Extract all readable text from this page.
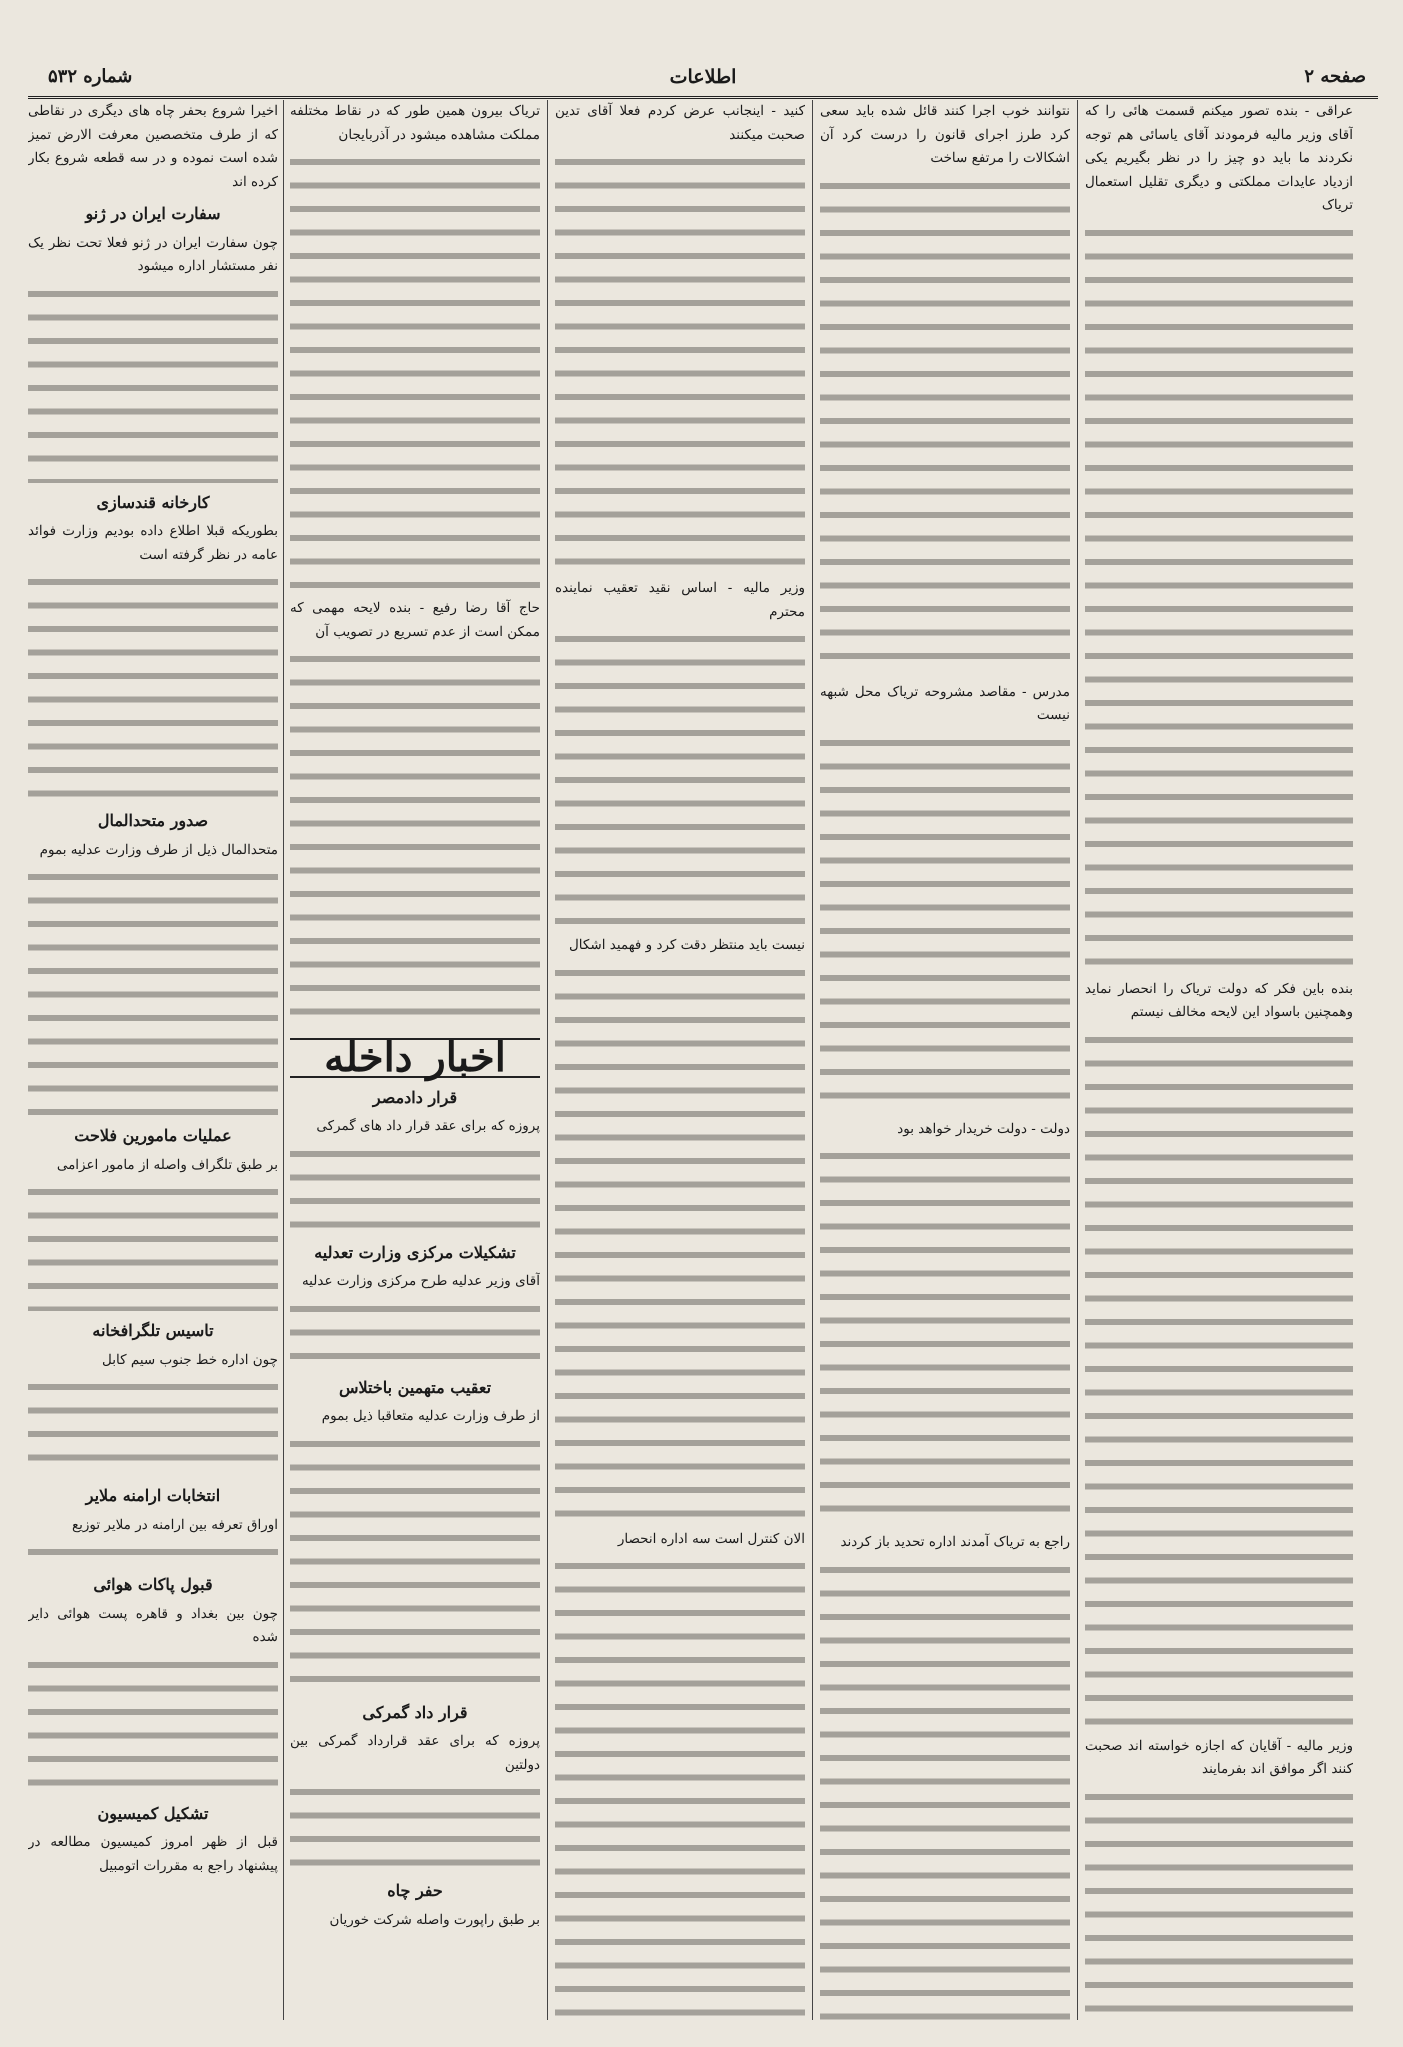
صفحه ۲
اطلاعات
شماره ۵۳۲

عراقی - بنده تصور میکنم قسمت هائی را که آقای وزیر مالیه فرمودند آقای یاسائی هم توجه نکردند ما باید دو چیز را در نظر بگیریم یکی ازدیاد عایدات مملکتی و دیگری تقلیل استعمال تریاک

بنده باین فکر که دولت تریاک را انحصار نماید وهمچنین باسواد این لایحه مخالف نیستم

وزیر مالیه - آقایان که اجازه خواسته اند صحبت کنند اگر موافق اند بفرمایند

نتوانند خوب اجرا کنند قائل شده باید سعی کرد طرز اجرای قانون را درست کرد آن اشکالات را مرتفع ساخت

مدرس - مقاصد مشروحه تریاک محل شبهه نیست

دولت - دولت خریدار خواهد بود

راجع به تریاک آمدند اداره تحدید باز کردند

کنید - اینجانب عرض کردم فعلا آقای تدین صحبت میکنند

وزیر مالیه - اساس نقید تعقیب نماینده محترم

نیست باید منتظر دقت کرد و فهمید اشکال

الان کنترل است سه اداره انحصار

تریاک بیرون همین طور که در نقاط مختلفه مملکت مشاهده میشود در آذربایجان

حاج آقا رضا رفیع - بنده لایحه مهمی که ممکن است از عدم تسریع در تصویب آن

اخبار داخله
قرار دادمصر

پروزه که برای عقد قرار داد های گمرکی

تشکیلات مرکزی وزارت تعدلیه

آقای وزیر عدلیه طرح مرکزی وزارت عدلیه

تعقیب متهمین باختلاس

از طرف وزارت عدلیه متعاقبا ذیل بموم

قرار داد گمرکی

پروزه که برای عقد قرارداد گمرکی بین دولتین

حفر چاه

بر طبق راپورت واصله شرکت خوریان

اخیرا شروع بحفر چاه های دیگری در نقاطی که از طرف متخصصین معرفت الارض تمیز شده است نموده و در سه قطعه شروع بکار کرده اند

سفارت ایران در ژنو

چون سفارت ایران در ژنو فعلا تحت نظر یک نفر مستشار اداره میشود

کارخانه قندسازی

بطوریکه قبلا اطلاع داده بودیم وزارت فوائد عامه در نظر گرفته است

صدور متحدالمال

متحدالمال ذیل از طرف وزارت عدلیه بموم

عملیات مامورین فلاحت

بر طبق تلگراف واصله از مامور اعزامی

تاسیس تلگرافخانه

چون اداره خط جنوب سیم کابل

انتخابات ارامنه ملایر

اوراق تعرفه بین ارامنه در ملایر توزیع

قبول پاکات هوائی

چون بین بغداد و قاهره پست هوائی دایر شده

تشکیل کمیسیون

قبل از ظهر امروز کمیسیون مطالعه در پیشنهاد راجع به مقررات اتومبیل
